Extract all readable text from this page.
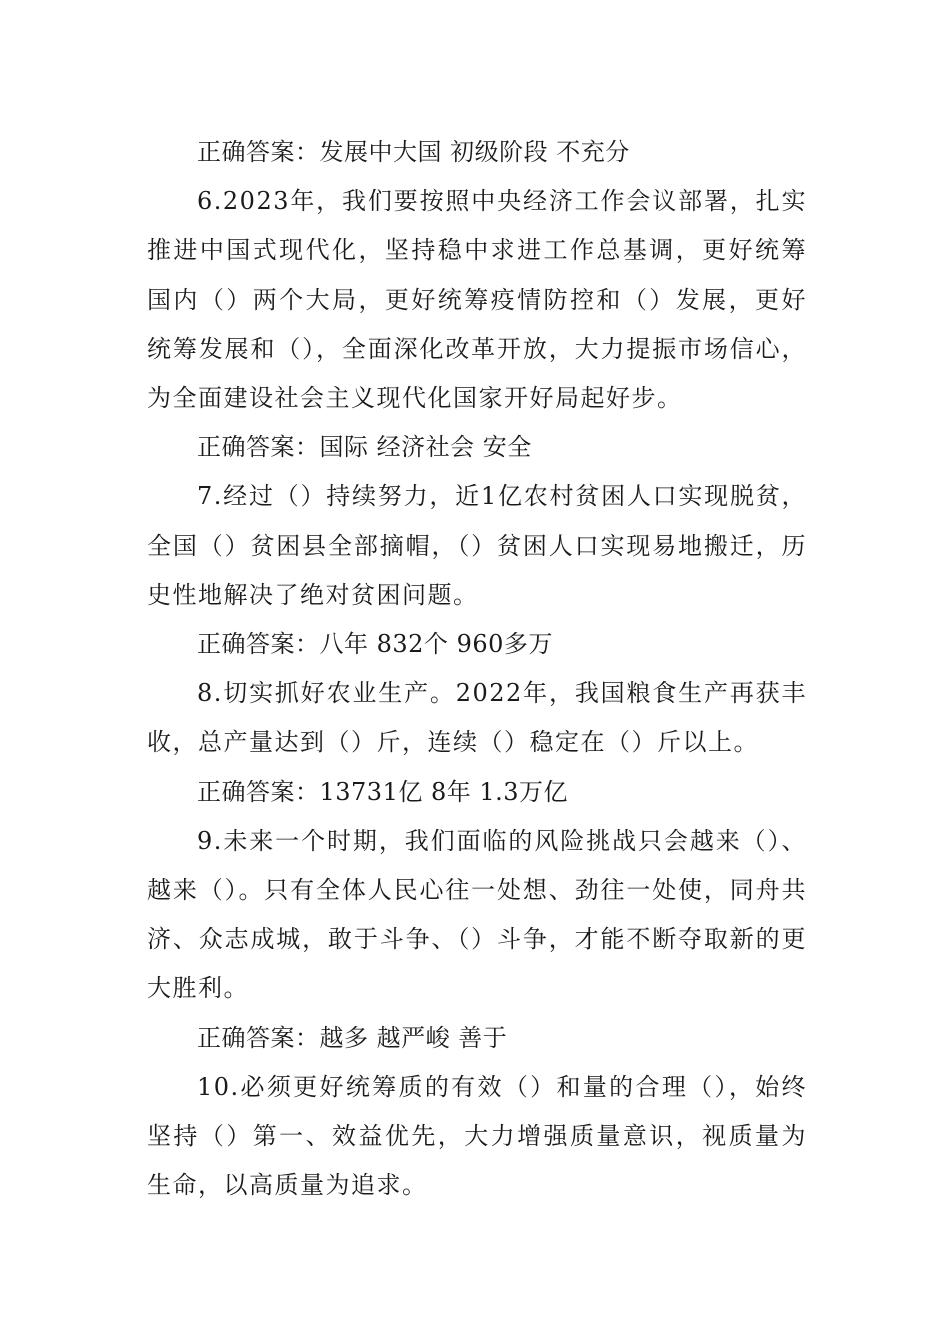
正确答案：发展中大国 初级阶段 不充分

6.2023年，我们要按照中央经济工作会议部署，扎实推进中国式现代化，坚持稳中求进工作总基调，更好统筹国内（）两个大局，更好统筹疫情防控和（）发展，更好统筹发展和（），全面深化改革开放，大力提振市场信心，为全面建设社会主义现代化国家开好局起好步。

正确答案：国际 经济社会 安全

7.经过（）持续努力，近1亿农村贫困人口实现脱贫，全国（）贫困县全部摘帽，（）贫困人口实现易地搬迁，历史性地解决了绝对贫困问题。

正确答案：八年 832个 960多万

8.切实抓好农业生产。2022年，我国粮食生产再获丰收，总产量达到（）斤，连续（）稳定在（）斤以上。

正确答案：13731亿 8年 1.3万亿

9.未来一个时期，我们面临的风险挑战只会越来（）、越来（）。只有全体人民心往一处想、劲往一处使，同舟共济、众志成城，敢于斗争、（）斗争，才能不断夺取新的更大胜利。

正确答案：越多 越严峻 善于

10.必须更好统筹质的有效（）和量的合理（），始终坚持（）第一、效益优先，大力增强质量意识，视质量为生命，以高质量为追求。
